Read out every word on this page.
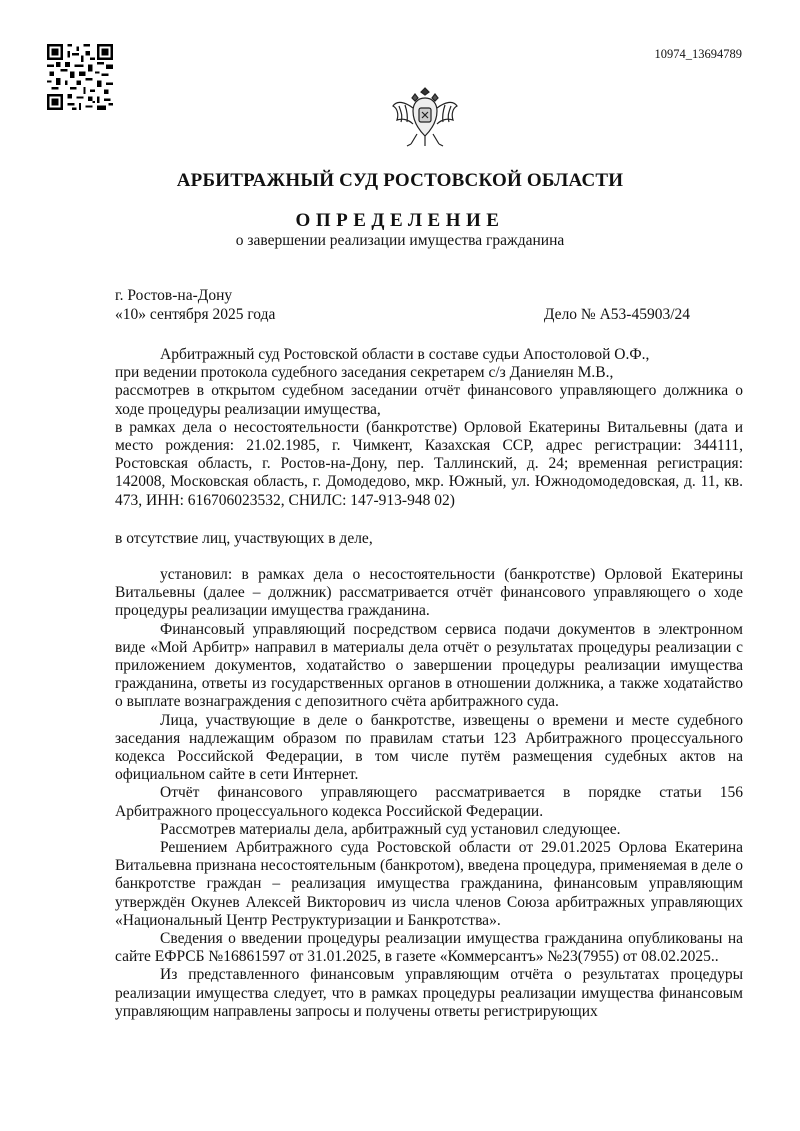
10974_13694789
АРБИТРАЖНЫЙ СУД РОСТОВСКОЙ ОБЛАСТИ
ОПРЕДЕЛЕНИЕ
о завершении реализации имущества гражданина
г. Ростов-на-Дону
«10» сентября 2025 года	Дело № А53-45903/24

Арбитражный суд Ростовской области в составе судьи Апостоловой О.Ф.,

при ведении протокола судебного заседания секретарем с/з Даниелян М.В.,

рассмотрев в открытом судебном заседании отчёт финансового управляющего должника о ходе процедуры реализации имущества,

в рамках дела о несостоятельности (банкротстве) Орловой Екатерины Витальевны (дата и место рождения: 21.02.1985, г. Чимкент, Казахская ССР, адрес регистрации: 344111, Ростовская область, г. Ростов-на-Дону, пер. Таллинский, д. 24; временная регистрация: 142008, Московская область, г. Домодедово, мкр. Южный, ул. Южнодомодедовская, д. 11, кв. 473, ИНН: 616706023532, СНИЛС: 147-913-948 02)

в отсутствие лиц, участвующих в деле,

установил: в рамках дела о несостоятельности (банкротстве) Орловой Екатерины Витальевны (далее – должник) рассматривается отчёт финансового управляющего о ходе процедуры реализации имущества гражданина.

Финансовый управляющий посредством сервиса подачи документов в электронном виде «Мой Арбитр» направил в материалы дела отчёт о результатах процедуры реализации с приложением документов, ходатайство о завершении процедуры реализации имущества гражданина, ответы из государственных органов в отношении должника, а также ходатайство о выплате вознаграждения с депозитного счёта арбитражного суда.

Лица, участвующие в деле о банкротстве, извещены о времени и месте судебного заседания надлежащим образом по правилам статьи 123 Арбитражного процессуального кодекса Российской Федерации, в том числе путём размещения судебных актов на официальном сайте в сети Интернет.

Отчёт финансового управляющего рассматривается в порядке статьи 156 Арбитражного процессуального кодекса Российской Федерации.

Рассмотрев материалы дела, арбитражный суд установил следующее.

Решением Арбитражного суда Ростовской области от 29.01.2025 Орлова Екатерина Витальевна признана несостоятельным (банкротом), введена процедура, применяемая в деле о банкротстве граждан – реализация имущества гражданина, финансовым управляющим утверждён Окунев Алексей Викторович из числа членов Союза арбитражных управляющих «Национальный Центр Реструктуризации и Банкротства».

Сведения о введении процедуры реализации имущества гражданина опубликованы на сайте ЕФРСБ №16861597 от 31.01.2025, в газете «Коммерсантъ» №23(7955) от 08.02.2025..

Из представленного финансовым управляющим отчёта о результатах процедуры реализации имущества следует, что в рамках процедуры реализации имущества финансовым управляющим направлены запросы и получены ответы регистрирующих
